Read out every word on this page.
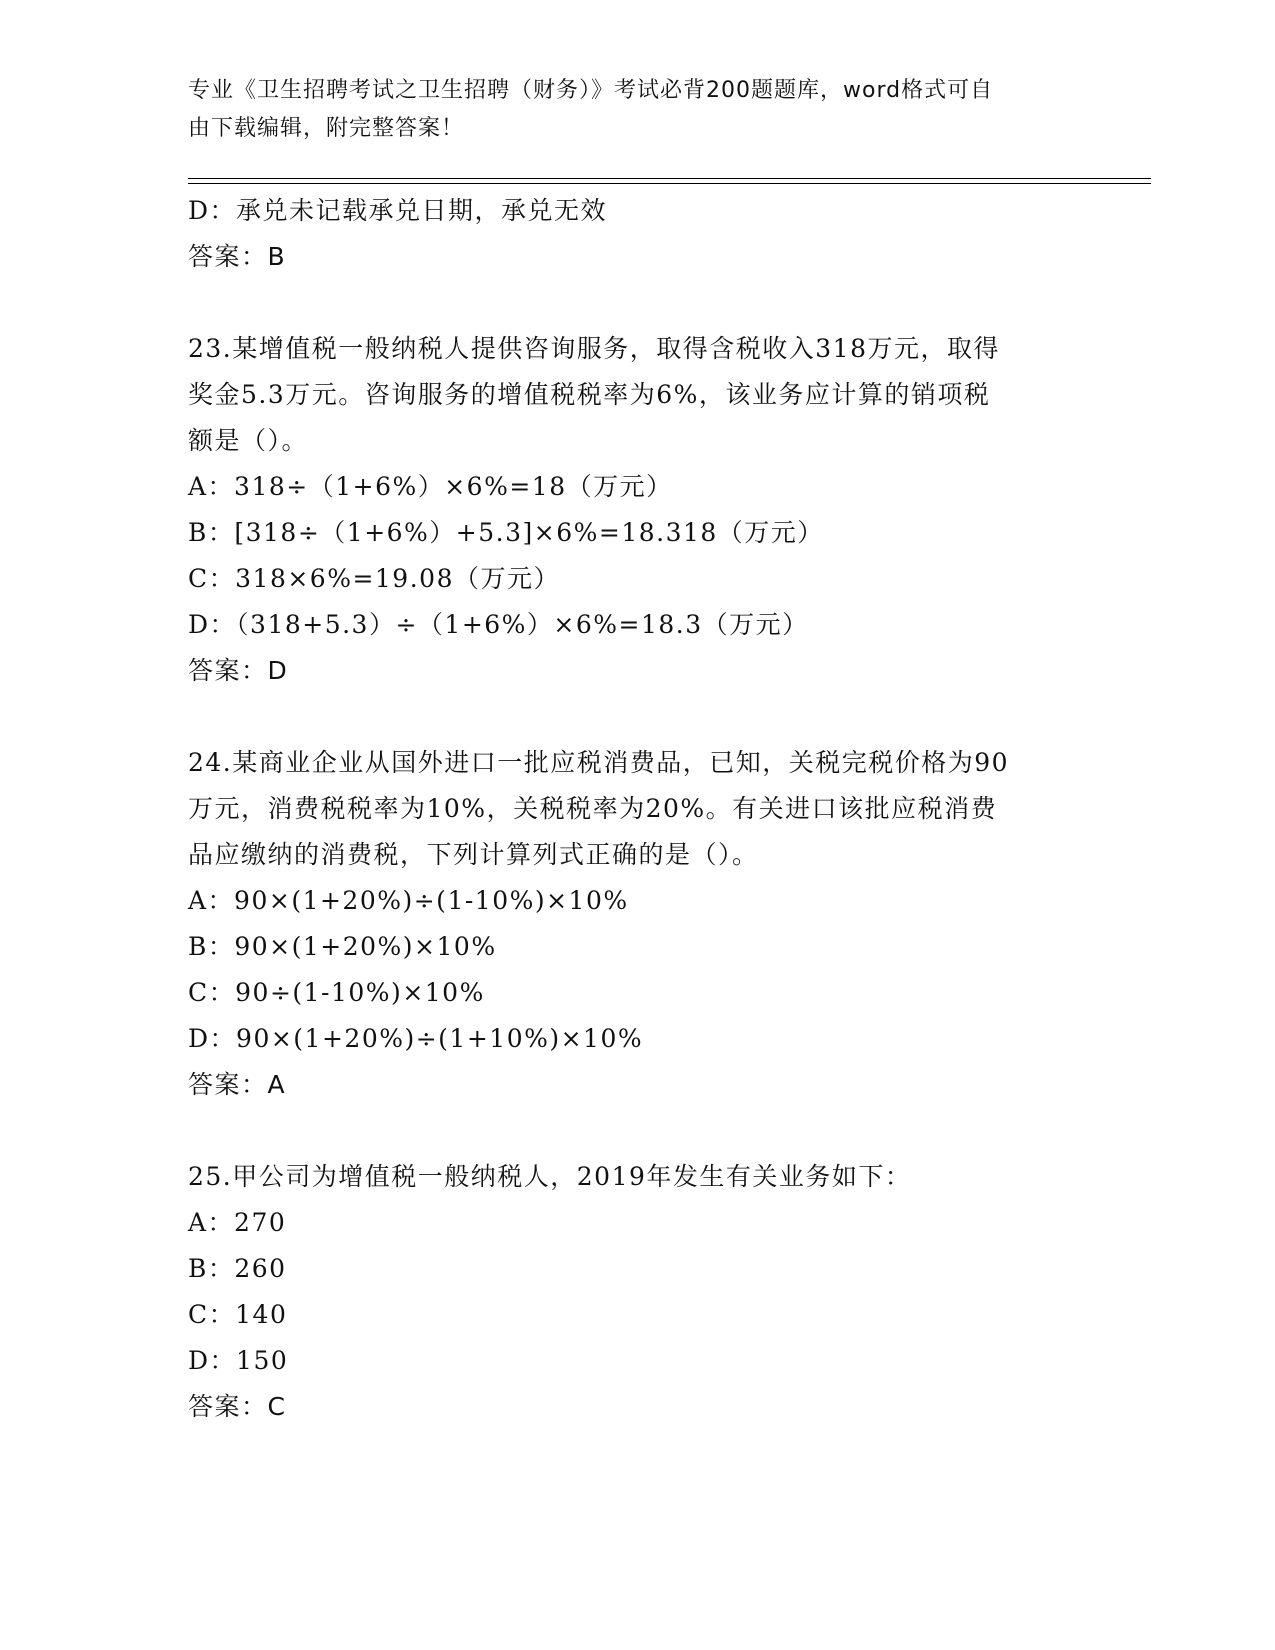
专业《卫生招聘考试之卫生招聘（财务）》考试必背200题题库，word格式可自
由下载编辑，附完整答案！
D：承兑未记载承兑日期，承兑无效
答案：B
23.某增值税一般纳税人提供咨询服务，取得含税收入318万元，取得
奖金5.3万元。咨询服务的增值税税率为6%，该业务应计算的销项税
额是（）。
A：318÷（1+6%）×6%=18（万元）
B：[318÷（1+6%）+5.3]×6%=18.318（万元）
C：318×6%=19.08（万元）
D：（318+5.3）÷（1+6%）×6%=18.3（万元）
答案：D
24.某商业企业从国外进口一批应税消费品，已知，关税完税价格为90
万元，消费税税率为10%，关税税率为20%。有关进口该批应税消费
品应缴纳的消费税，下列计算列式正确的是（）。
A：90×(1+20%)÷(1-10%)×10%
B：90×(1+20%)×10%
C：90÷(1-10%)×10%
D：90×(1+20%)÷(1+10%)×10%
答案：A
25.甲公司为增值税一般纳税人，2019年发生有关业务如下：
A：270
B：260
C：140
D：150
答案：C
